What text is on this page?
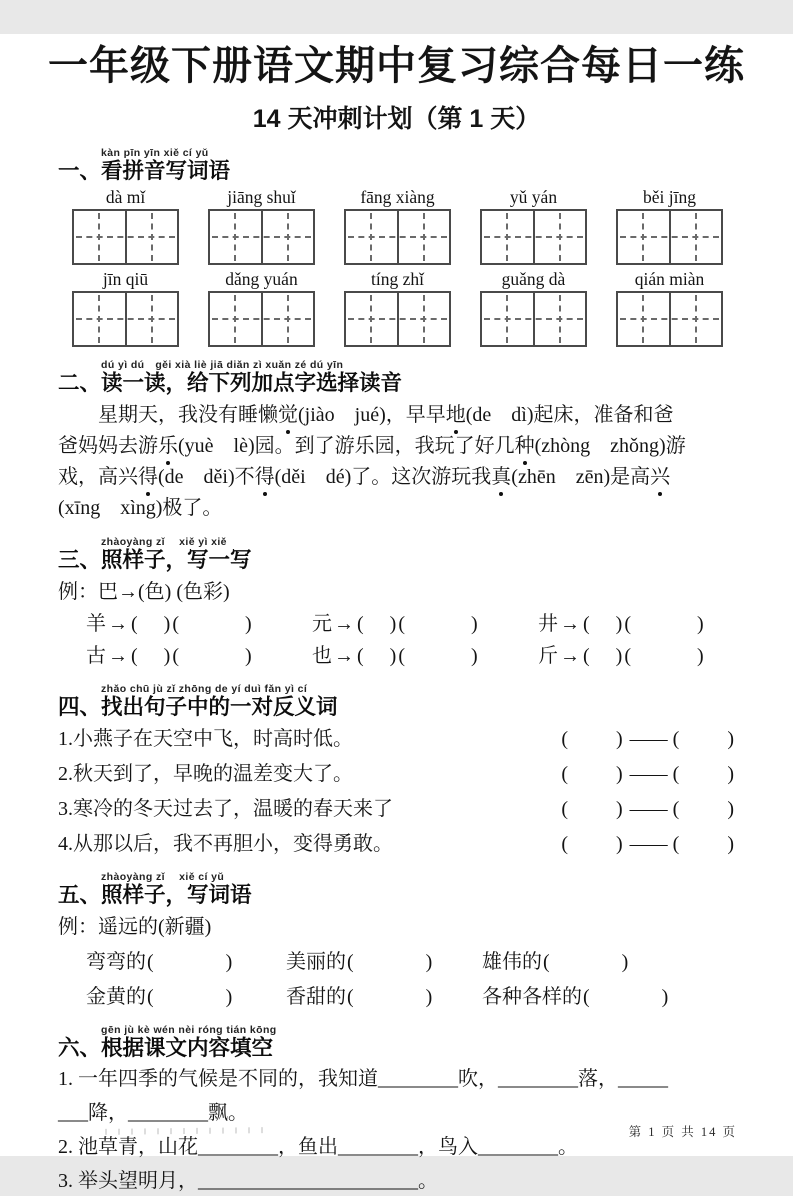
一年级下册语文期中复习综合每日一练
14 天冲刺计划（第 1 天）
一、
kàn pīn yīn xiě cí yǔ
看拼音写词语
dà mǐ	jiāng shuǐ	fāng xiàng	yǔ yán	běi jīng
jīn qiū	dǎng yuán	tíng zhǐ	guǎng dà	qián miàn
二、
dú yì dú　gěi xià liè jiā diǎn zì xuǎn zé dú yīn
读一读，给下列加点字选择读音
　　星期天，我没有睡懒觉(jiào　jué)，早早地(de　dì)起床，准备和爸
爸妈妈去游乐(yuè　lè)园。到了游乐园，我玩了好几种(zhòng　zhǒng)游
戏，高兴得(de　děi)不得(děi　dé)了。这次游玩我真(zhēn　zēn)是高兴
(xīng　xìng)极了。
三、
zhàoyàng zǐ　 xiě yì xiě
照样子，写一写
例：巴→(色) (色彩)
羊 → ( ) (	)	元 → ( ) (	)	井 → ( ) (	)
古 → ( ) (	)	也 → ( ) (	)	斤 → ( ) (	)
四、
zhǎo chū jù zǐ zhōng de yí duì fǎn yì cí
找出句子中的一对反义词
1.小燕子在天空中飞，时高时低。	( ) —— ( )
2.秋天到了，早晚的温差变大了。	( ) —— ( )
3.寒冷的冬天过去了，温暖的春天来了	( ) —— ( )
4.从那以后，我不再胆小，变得勇敢。	( ) —— ( )
五、
zhàoyàng zǐ　 xiě cí yǔ
照样子，写词语
例：遥远的(新疆)
弯弯的(	)	美丽的(	)	雄伟的(	)
金黄的(	)	香甜的(	)	各种各样的(	)
六、
gēn jù kè wén nèi róng tián kōng
根据课文内容填空
1. 一年四季的气候是不同的，我知道________吹，________落，_____
___降，________飘。
2. 池草青，山花________，鱼出________，鸟入________。
3. 举头望明月，______________________。
第 1 页 共 14 页
